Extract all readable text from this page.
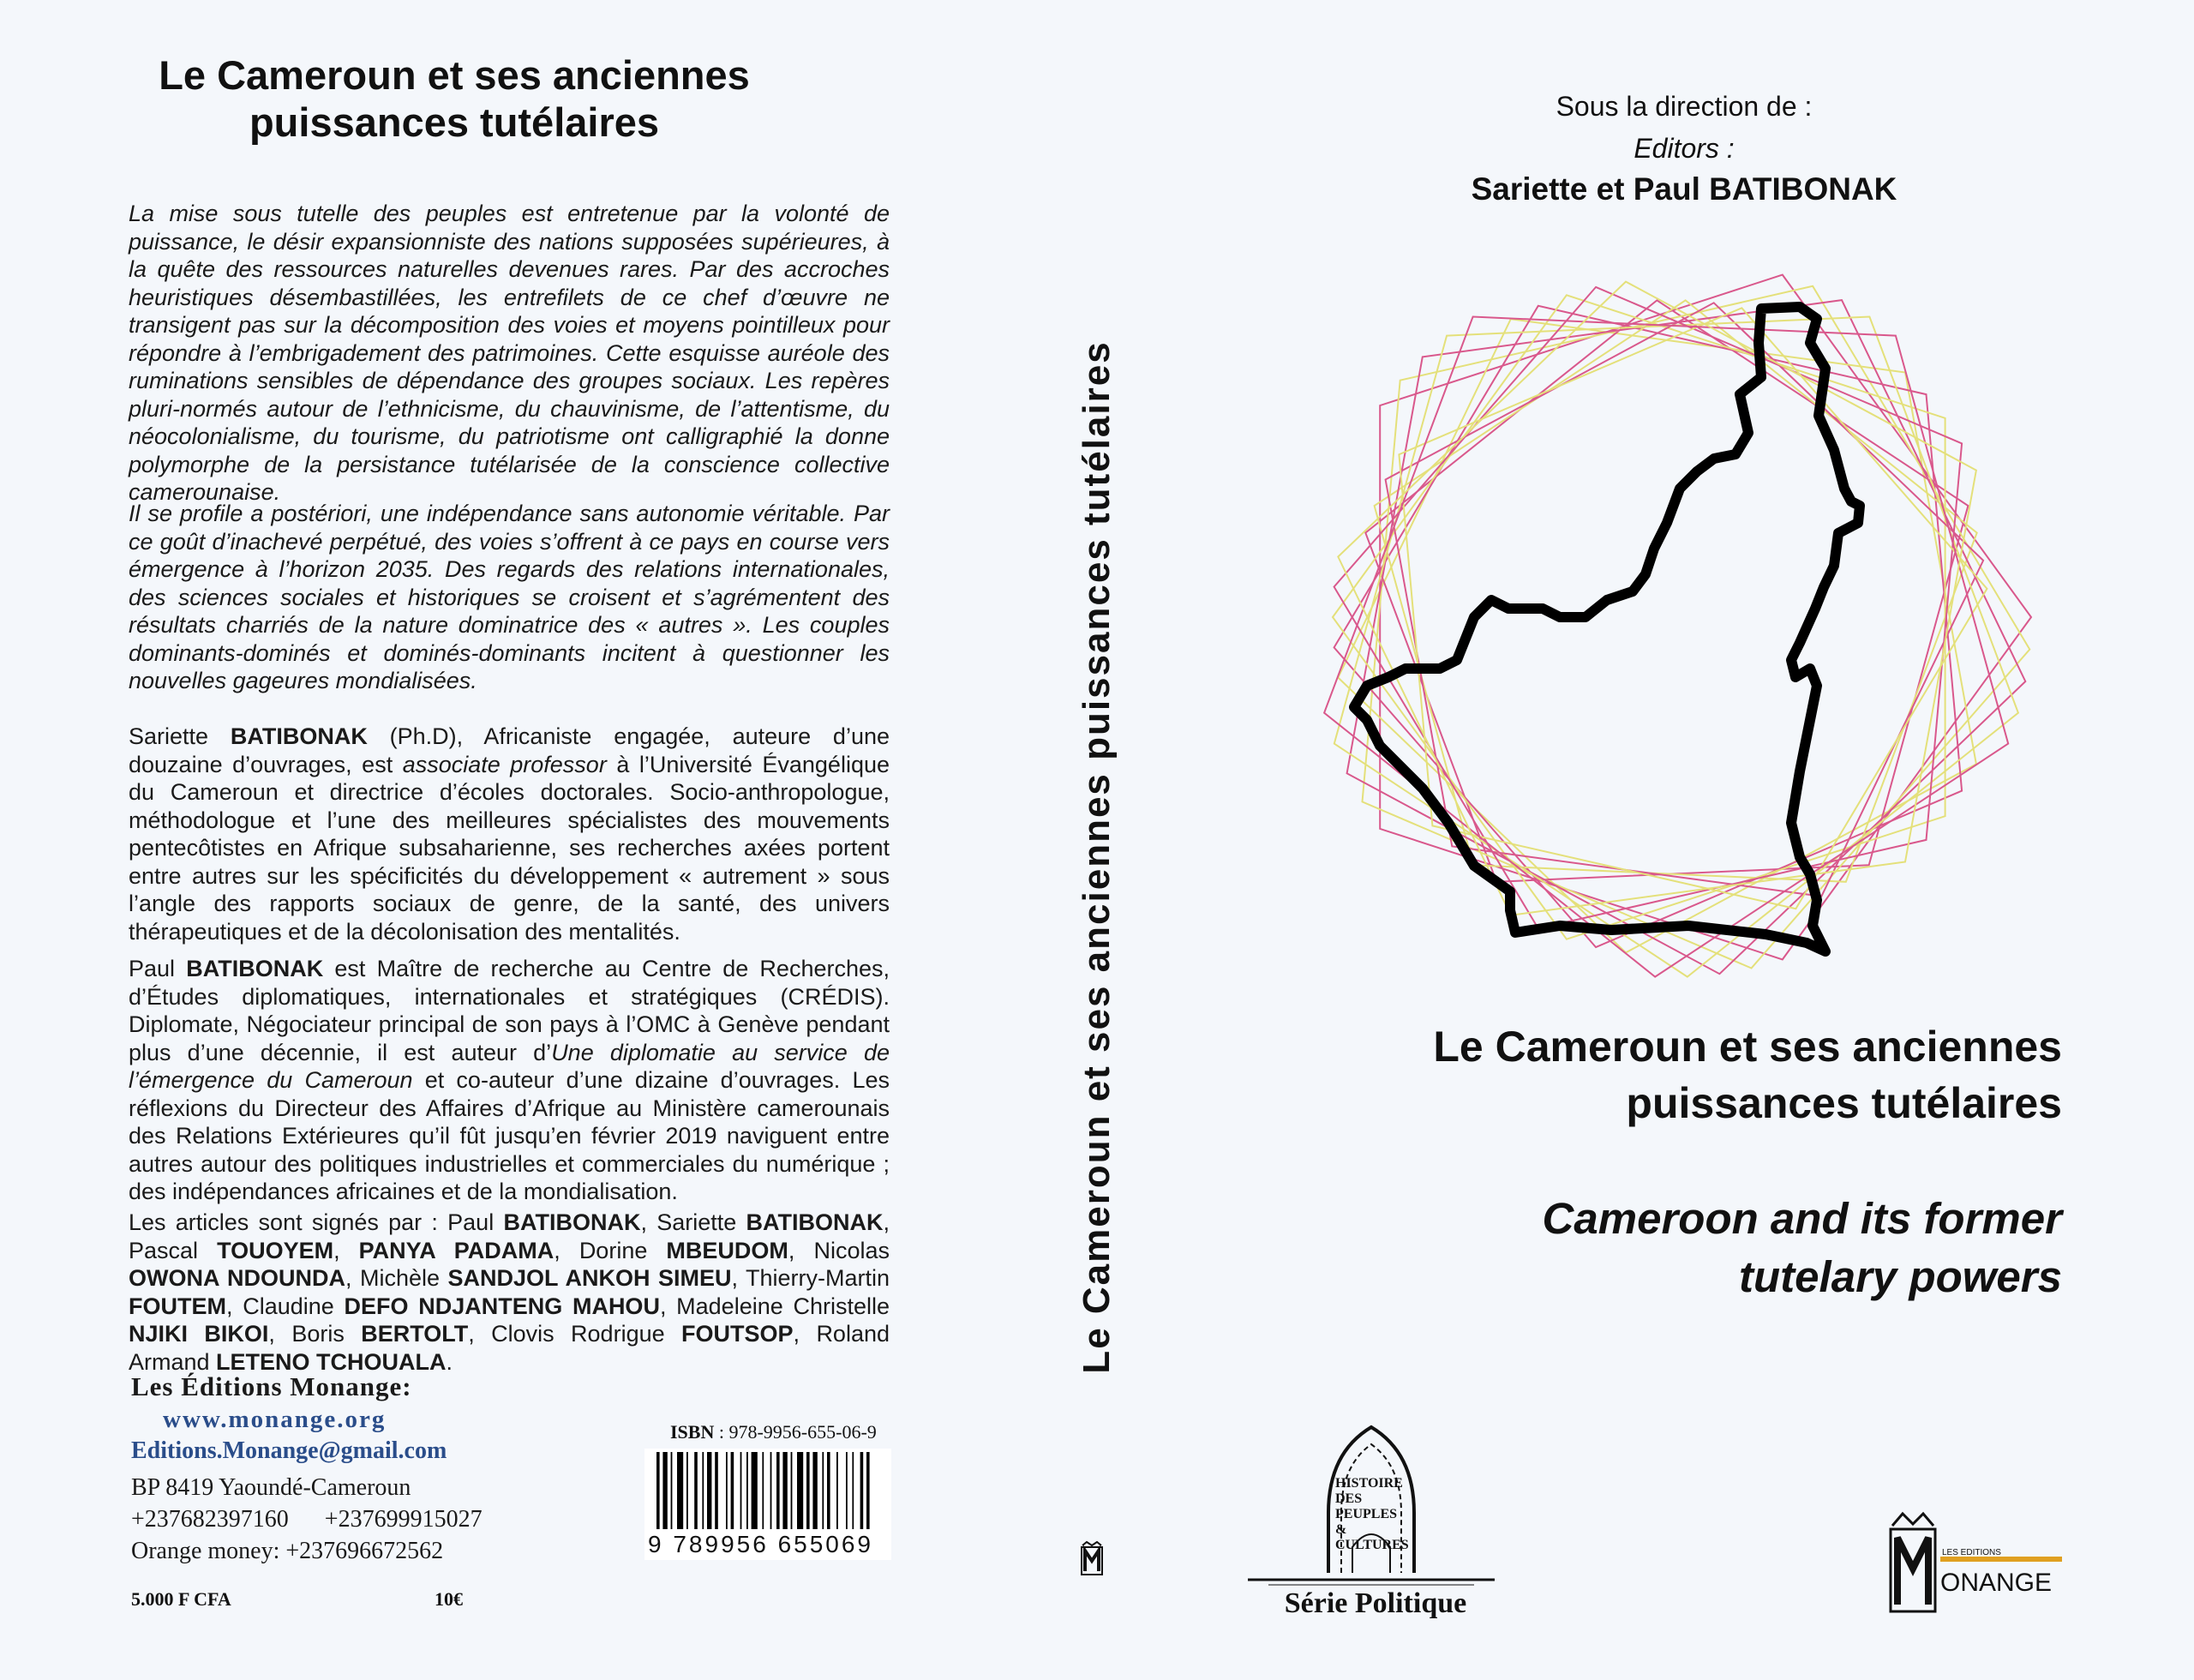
Le Cameroun et ses anciennes
puissances tutélaires

La mise sous tutelle des peuples est entretenue par la volonté de puissance, le désir expansionniste des nations supposées supérieures, à la quête des ressources naturelles devenues rares. Par des accroches heuristiques désembastillées, les entrefilets de ce chef d’œuvre ne transigent pas sur la décomposition des voies et moyens pointilleux pour répondre à l’embrigadement des patrimoines. Cette esquisse auréole des ruminations sensibles de dépendance des groupes sociaux. Les repères pluri-normés autour de l’ethnicisme, du chauvinisme, de l’attentisme, du néocolonialisme, du tourisme, du patriotisme ont calligraphié la donne polymorphe de la persistance tutélarisée de la conscience collective camerounaise.

Il se profile a postériori, une indépendance sans autonomie véritable. Par ce goût d’inachevé perpétué, des voies s’offrent à ce pays en course vers émergence à l’horizon 2035. Des regards des relations internationales, des sciences sociales et historiques se croisent et s’agrémentent des résultats charriés de la nature dominatrice des « autres ». Les couples dominants-dominés et dominés-dominants incitent à questionner les nouvelles gageures mondialisées.

Sariette BATIBONAK (Ph.D), Africaniste engagée, auteure d’une douzaine d’ouvrages, est associate professor à l’Université Évangélique du Cameroun et directrice d’écoles doctorales. Socio-anthropologue, méthodologue et l’une des meilleures spécialistes des mouvements pentecôtistes en Afrique subsaharienne, ses recherches axées portent entre autres sur les spécificités du développement « autrement » sous l’angle des rapports sociaux de genre, de la santé, des univers thérapeutiques et de la décolonisation des mentalités.

Paul BATIBONAK est Maître de recherche au Centre de Recherches, d’Études diplomatiques, internationales et stratégiques (CRÉDIS). Diplomate, Négociateur principal de son pays à l’OMC à Genève pendant plus d’une décennie, il est auteur d’Une diplomatie au service de l’émergence du Cameroun et co-auteur d’une dizaine d’ouvrages. Les réflexions du Directeur des Affaires d’Afrique au Ministère camerounais des Relations Extérieures qu’il fût jusqu’en février 2019 naviguent entre autres autour des politiques industrielles et commerciales du numérique ; des indépendances africaines et de la mondialisation.

Les articles sont signés par : Paul BATIBONAK, Sariette BATIBONAK, Pascal TOUOYEM, PANYA PADAMA, Dorine MBEUDOM, Nicolas OWONA NDOUNDA, Michèle SANDJOL ANKOH SIMEU, Thierry-Martin FOUTEM, Claudine DEFO NDJANTENG MAHOU, Madeleine Christelle NJIKI BIKOI, Boris BERTOLT, Clovis Rodrigue FOUTSOP, Roland Armand LETENO TCHOUALA.

Les Éditions Monange:
www.monange.org
Editions.Monange@gmail.com
BP 8419 Yaoundé-Cameroun
+237682397160      +237699915027
Orange money: +237696672562
5.000 F CFA	10€
ISBN : 978-9956-655-06-9
9 789956 655069
Le Cameroun et ses anciennes puissances tutélaires
Sous la direction de :
Editors :
Sariette et Paul BATIBONAK
Le Cameroun et ses anciennes
puissances tutélaires
Cameroon and its former
tutelary powers
HISTOIRE
DES
PEUPLES
&
CULTURES
Série Politique
LES EDITIONS
ONANGE
